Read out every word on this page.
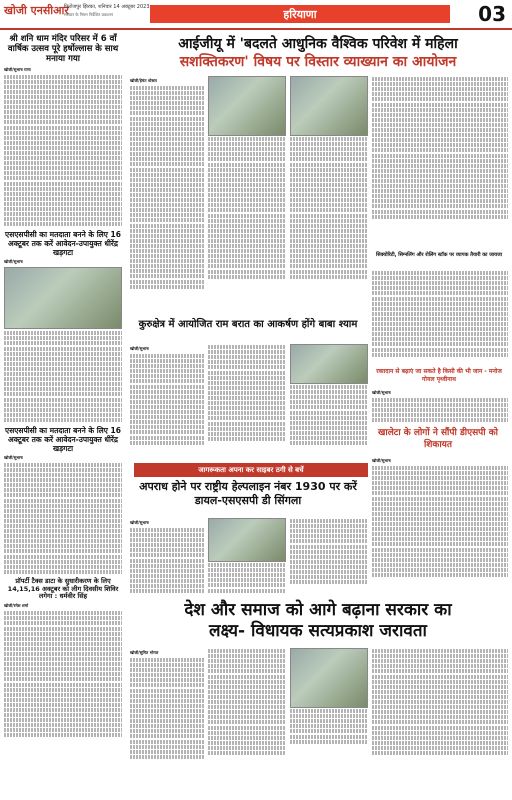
खोजी एनसीआर
फिरोजपुर झिरका, शनिवार 14 अक्टूबर 2023
सरकार के नियम निर्देशित प्रकाशन	हरियाणा	03
श्री शनि धाम मंदिर परिसर में 6 वाँ वार्षिक उत्सव पूरे हर्षोल्लास के साथ मनाया गया
खोजी/सुभाष राणा
एसएसपीसी का मतदाता बनने के लिए 16 अक्टूबर तक करें आवेदन-उपायुक्त धीरेंद्र खड़गटा
खोजी/सुभाष
एसएसपीसी का मतदाता बनने के लिए 16 अक्टूबर तक करें आवेदन-उपायुक्त धीरेंद्र खड़गटा
खोजी/सुभाष
प्रॉपर्टी टैक्स डाटा के सुधारीकरण के लिए 14,15,16 अक्टूबर को लीग दिवसीय शिविर लगेगा : धर्मवीर सिंह
खोजी/रमेश शर्मा
आईजीयू में 'बदलते आधुनिक वैश्विक परिवेश में महिला
सशक्तिकरण' विषय पर विस्तार व्याख्यान का आयोजन
खोजी/हेमंत धोसल
सिक्योरिटी, सिग्नलिंग और रोलिंग स्टॉक पर व्यापक तैयारी का जायजा
रक्तदान से बढ़ाएं जा सकते है किसी की भी जान - मनोज गोयल पृथ्वीनाथ
खोजी/सुभाष
कुरुक्षेत्र में आयोजित राम बरात का आकर्षण होंगे बाबा श्याम
खोजी/सुभाष
खालेटा के लोगों ने सौंपी डीएसपी को शिकायत
खोजी/सुभाष
जागरूकता अपना कर साइबर ठगी से बचें
अपराध होने पर राष्ट्रीय हेल्पलाइन नंबर 1930 पर करें डायल-एसएसपी डी सिंगला
खोजी/सुभाष
देश और समाज को आगे बढ़ाना सरकार का
लक्ष्य- विधायक सत्यप्रकाश जरावता
खोजी/सुमित भोगल
